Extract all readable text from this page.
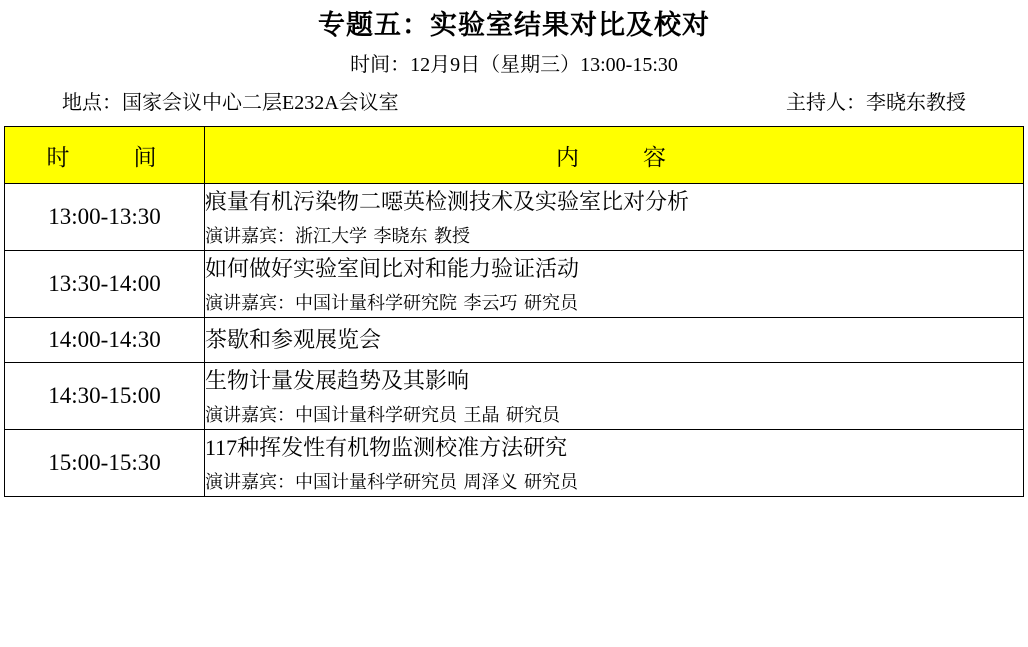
专题五：实验室结果对比及校对
时间：12月9日（星期三）13:00-15:30
地点：国家会议中心二层E232A会议室	主持人：李晓东教授
时　　间	内　　容
13:00-13:30	痕量有机污染物二噁英检测技术及实验室比对分析
演讲嘉宾：浙江大学 李晓东 教授

13:30-14:00	如何做好实验室间比对和能力验证活动
演讲嘉宾：中国计量科学研究院 李云巧 研究员

14:00-14:30	茶歇和参观展览会

14:30-15:00	生物计量发展趋势及其影响
演讲嘉宾：中国计量科学研究员 王晶 研究员

15:00-15:30	117种挥发性有机物监测校准方法研究
演讲嘉宾：中国计量科学研究员 周泽义 研究员
